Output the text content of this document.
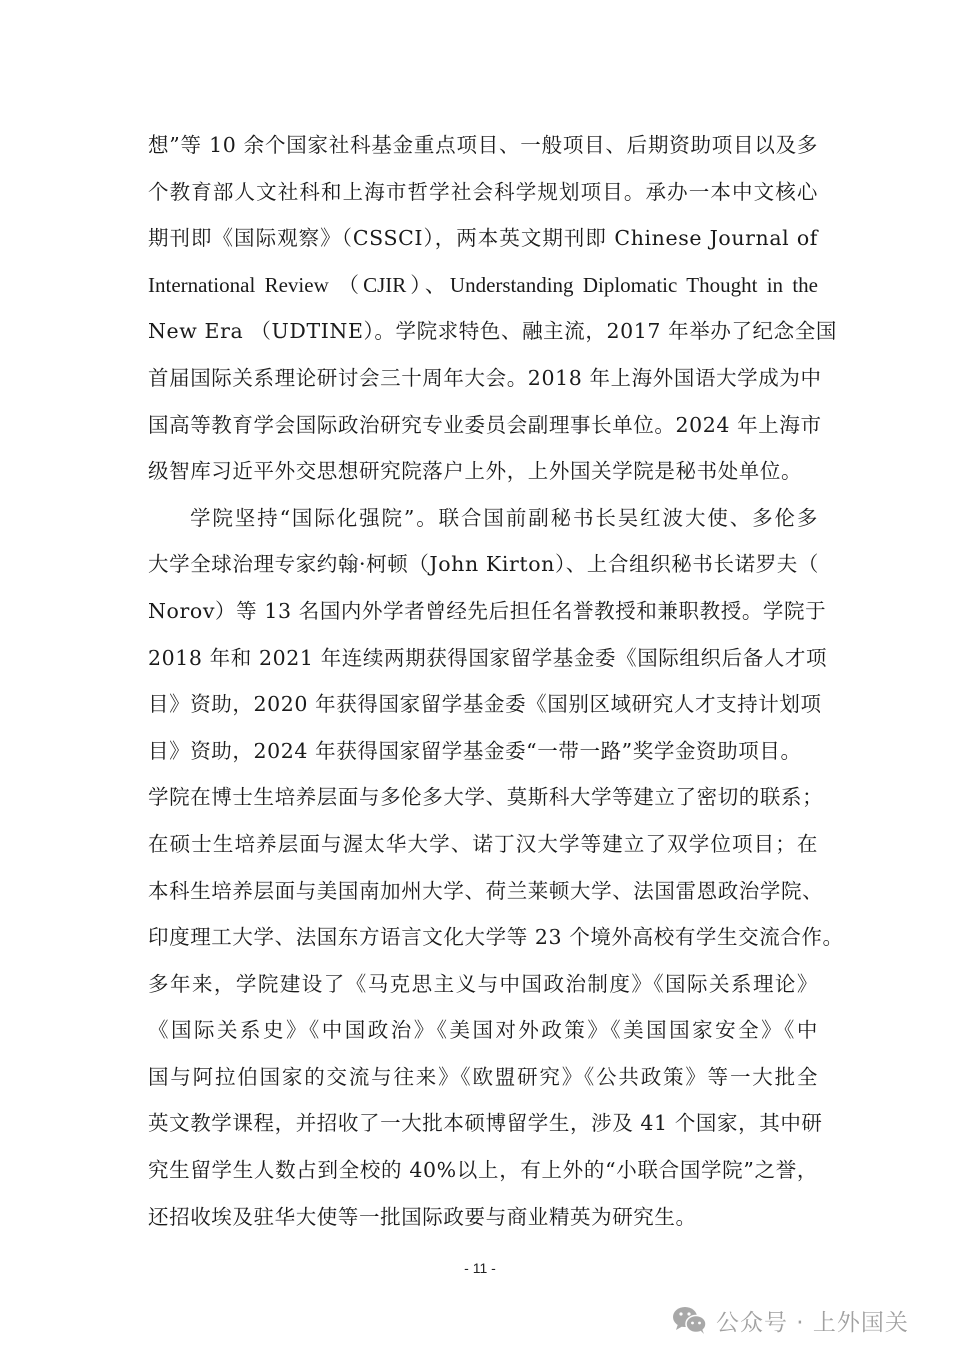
想”等 10 余个国家社科基金重点项目、一般项目、后期资助项目以及多
个教育部人文社科和上海市哲学社会科学规划项目。承办一本中文核心
期刊即《国际观察》（CSSCI），两本英文期刊即 Chinese Journal of
International Review （CJIR）、Understanding Diplomatic Thought in the
New Era （UDTINE）。学院求特色、融主流，2017 年举办了纪念全国
首届国际关系理论研讨会三十周年大会。2018 年上海外国语大学成为中
国高等教育学会国际政治研究专业委员会副理事长单位。2024 年上海市
级智库习近平外交思想研究院落户上外，上外国关学院是秘书处单位。
学院坚持“国际化强院”。联合国前副秘书长吴红波大使、多伦多
大学全球治理专家约翰·柯顿（John Kirton）、上合组织秘书长诺罗夫（
Norov）等 13 名国内外学者曾经先后担任名誉教授和兼职教授。学院于
2018 年和 2021 年连续两期获得国家留学基金委《国际组织后备人才项
目》资助，2020 年获得国家留学基金委《国别区域研究人才支持计划项
目》资助，2024 年获得国家留学基金委“一带一路”奖学金资助项目。
学院在博士生培养层面与多伦多大学、莫斯科大学等建立了密切的联系；
在硕士生培养层面与渥太华大学、诺丁汉大学等建立了双学位项目；在
本科生培养层面与美国南加州大学、荷兰莱顿大学、法国雷恩政治学院、
印度理工大学、法国东方语言文化大学等 23 个境外高校有学生交流合作。
多年来，学院建设了《马克思主义与中国政治制度》《国际关系理论》
《国际关系史》《中国政治》《美国对外政策》《美国国家安全》《中
国与阿拉伯国家的交流与往来》《欧盟研究》《公共政策》等一大批全
英文教学课程，并招收了一大批本硕博留学生，涉及 41 个国家，其中研
究生留学生人数占到全校的 40%以上，有上外的“小联合国学院”之誉，
还招收埃及驻华大使等一批国际政要与商业精英为研究生。
- 11 -
公众号 · 上外国关
